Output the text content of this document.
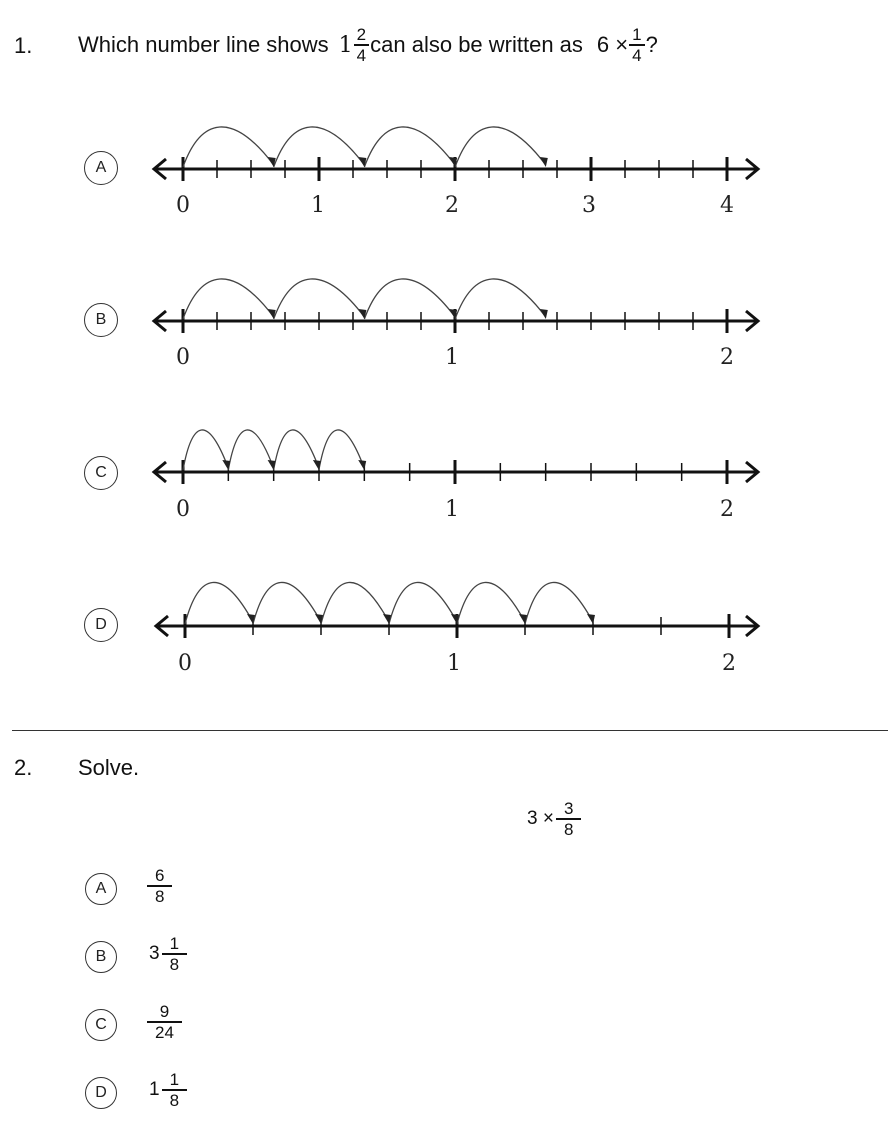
1. Which number line shows $1 \frac{2}{4}$ can also be written as $6 \times \frac{1}{4}$ ?
A
B
C
D
0	1	2	3	4
0	1	2
0	1	2
0	1	2
2. Solve.
$3 \times \frac{3}{8}$
A	$\frac{6}{8}$
B	$3 \frac{1}{8}$
C	$\frac{9}{24}$
D	$1 \frac{1}{8}$
